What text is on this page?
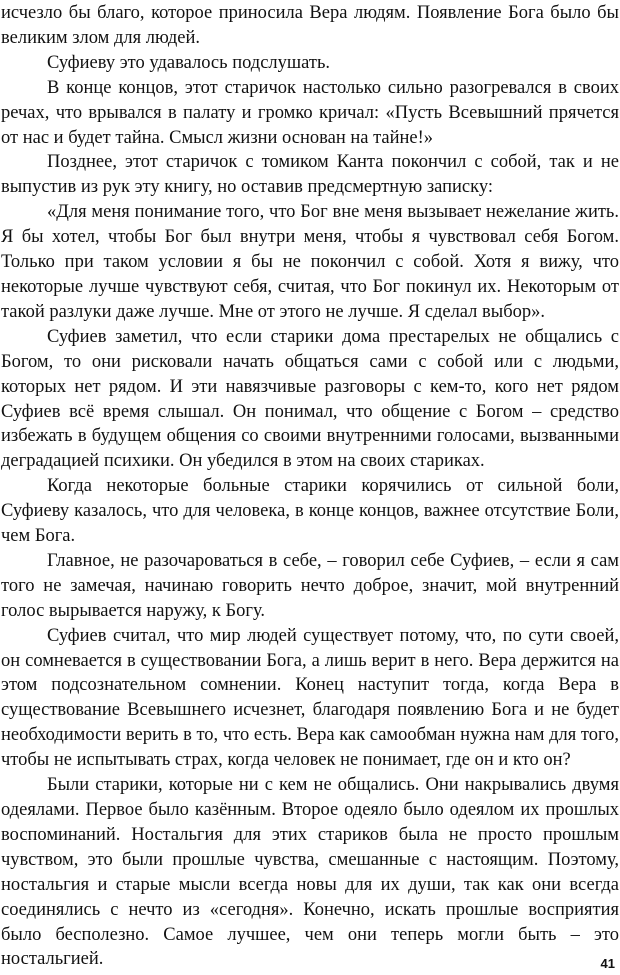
исчезло бы благо, которое приносила Вера людям. Появление Бога было бы великим злом для людей.

Суфиеву это удавалось подслушать.

В конце концов, этот старичок настолько сильно разогревался в своих речах, что врывался в палату и громко кричал: «Пусть Всевышний прячется от нас и будет тайна. Смысл жизни основан на тайне!»

Позднее, этот старичок с томиком Канта покончил с собой, так и не выпустив из рук эту книгу, но оставив предсмертную записку:

«Для меня понимание того, что Бог вне меня вызывает нежелание жить. Я бы хотел, чтобы Бог был внутри меня, чтобы я чувствовал себя Богом. Только при таком условии я бы не покончил с собой. Хотя я вижу, что некоторые лучше чувствуют себя, считая, что Бог покинул их. Некоторым от такой разлуки даже лучше. Мне от этого не лучше. Я сделал выбор».

Суфиев заметил, что если старики дома престарелых не общались с Богом, то они рисковали начать общаться сами с собой или с людьми, которых нет рядом. И эти навязчивые разговоры с кем-то, кого нет рядом Суфиев всё время слышал. Он понимал, что общение с Богом – средство избежать в будущем общения со своими внутренними голосами, вызванными деградацией психики. Он убедился в этом на своих стариках.

Когда некоторые больные старики корячились от сильной боли, Суфиеву казалось, что для человека, в конце концов, важнее отсутствие Боли, чем Бога.

Главное, не разочароваться в себе, – говорил себе Суфиев, – если я сам того не замечая, начинаю говорить нечто доброе, значит, мой внутренний голос вырывается наружу, к Богу.

Суфиев считал, что мир людей существует потому, что, по сути своей, он сомневается в существовании Бога, а лишь верит в него. Вера держится на этом подсознательном сомнении. Конец наступит тогда, когда Вера в существование Всевышнего исчезнет, благодаря появлению Бога и не будет необходимости верить в то, что есть. Вера как самообман нужна нам для того, чтобы не испытывать страх, когда человек не понимает, где он и кто он?

Были старики, которые ни с кем не общались. Они накрывались двумя одеялами. Первое было казённым. Второе одеяло было одеялом их прошлых воспоминаний. Ностальгия для этих стариков была не просто прошлым чувством, это были прошлые чувства, смешанные с настоящим. Поэтому, ностальгия и старые мысли всегда новы для их души, так как они всегда соединялись с нечто из «сегодня». Конечно, искать прошлые восприятия было бесполезно. Самое лучшее, чем они теперь могли быть – это ностальгией.	41
